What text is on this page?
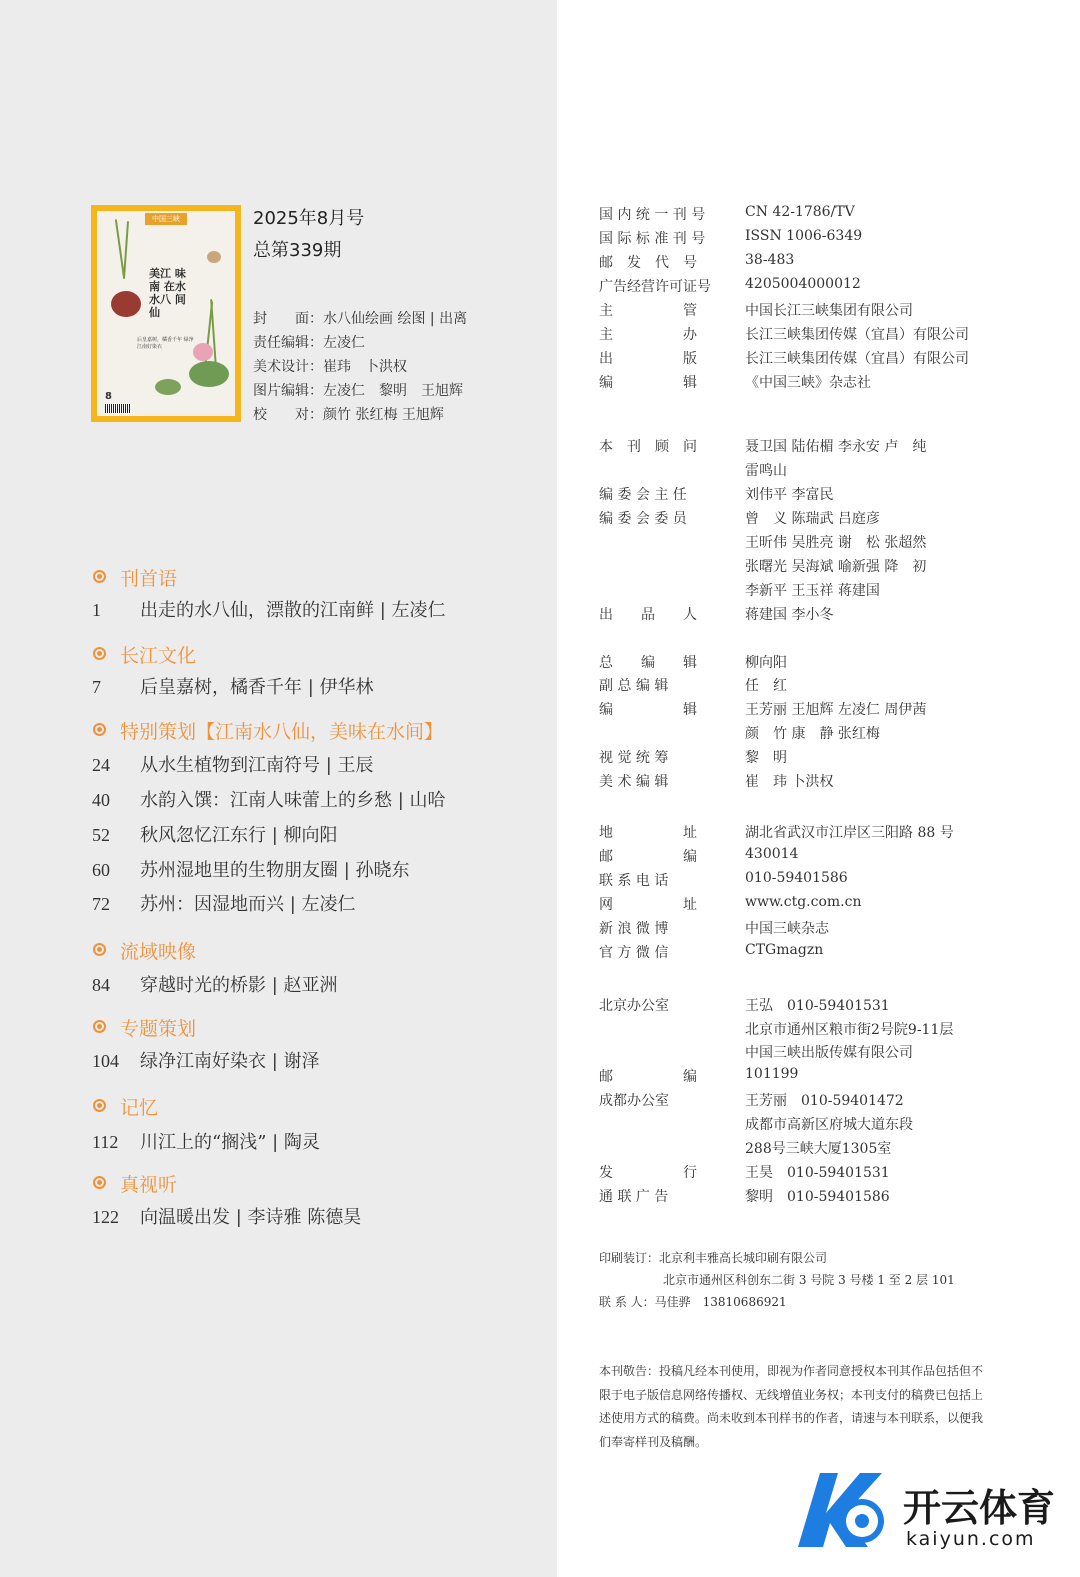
中国三峡
美江 味南 在水 水八 间仙
后皇嘉树，橘香千年 绿净江南好染衣
8
2025年8月号
总第339期
封　　面：水八仙绘画 绘图 | 出离
责任编辑：左凌仁
美术设计：崔玮　卜洪权
图片编辑：左凌仁　黎明　王旭辉
校　　对：颜竹 张红梅 王旭辉
刊首语
1 出走的水八仙，漂散的江南鲜 | 左凌仁
长江文化
7 后皇嘉树，橘香千年 | 伊华林
特别策划【江南水八仙，美味在水间】
24 从水生植物到江南符号 | 王辰
40 水韵入馔：江南人味蕾上的乡愁 | 山哈
52 秋风忽忆江东行 | 柳向阳
60 苏州湿地里的生物朋友圈 | 孙晓东
72 苏州：因湿地而兴 | 左凌仁
流域映像
84 穿越时光的桥影 | 赵亚洲
专题策划
104 绿净江南好染衣 | 谢泽
记忆
112 川江上的“搁浅” | 陶灵
真视听
122 向温暖出发 | 李诗雅 陈德昊
国 内 统 一 刊 号	CN 42-1786/TV
国 际 标 准 刊 号	ISSN 1006-6349
邮　发　代　号	38-483
广告经营许可证号 4205004000012
主　　　　　管	中国长江三峡集团有限公司
主　　　　　办	长江三峡集团传媒（宜昌）有限公司
出　　　　　版	长江三峡集团传媒（宜昌）有限公司
编　　　　　辑	《中国三峡》杂志社
本　刊　顾　问	聂卫国 陆佑楣 李永安 卢　纯
雷鸣山
编 委 会 主 任	刘伟平 李富民
编 委 会 委 员	曾　义 陈瑞武 吕庭彦
王昕伟 吴胜亮 谢　松 张超然
张曙光 吴海斌 喻新强 降　初
李新平 王玉祥 蒋建国
出　　品　　人	蒋建国 李小冬
总　　编　　辑	柳向阳
副 总 编 辑	任　红
编　　　　　辑	王芳丽 王旭辉 左凌仁 周伊茜
颜　竹 康　静 张红梅
视 觉 统 筹	黎　明
美 术 编 辑	崔　玮 卜洪权
地　　　　　址	湖北省武汉市江岸区三阳路 88 号
邮　　　　　编	430014
联 系 电 话	010-59401586
网　　　　　址	www.ctg.com.cn
新 浪 微 博	中国三峡杂志
官 方 微 信	CTGmagzn
北京办公室	王弘　010-59401531
北京市通州区粮市街2号院9-11层
中国三峡出版传媒有限公司
邮　　　　　编	101199
成都办公室	王芳丽　010-59401472
成都市高新区府城大道东段
288号三峡大厦1305室
发　　　　　行	王昊　010-59401531
通 联 广 告	黎明　010-59401586
印刷装订：北京利丰雅高长城印刷有限公司
北京市通州区科创东二街 3 号院 3 号楼 1 至 2 层 101
联 系 人：马佳骅　13810686921
本刊敬告：投稿凡经本刊使用，即视为作者同意授权本刊其作品包括但不限于电子版信息网络传播权、无线增值业务权；本刊支付的稿费已包括上述使用方式的稿费。尚未收到本刊样书的作者，请速与本刊联系，以便我们奉寄样刊及稿酬。
开云体育
kaiyun.com
